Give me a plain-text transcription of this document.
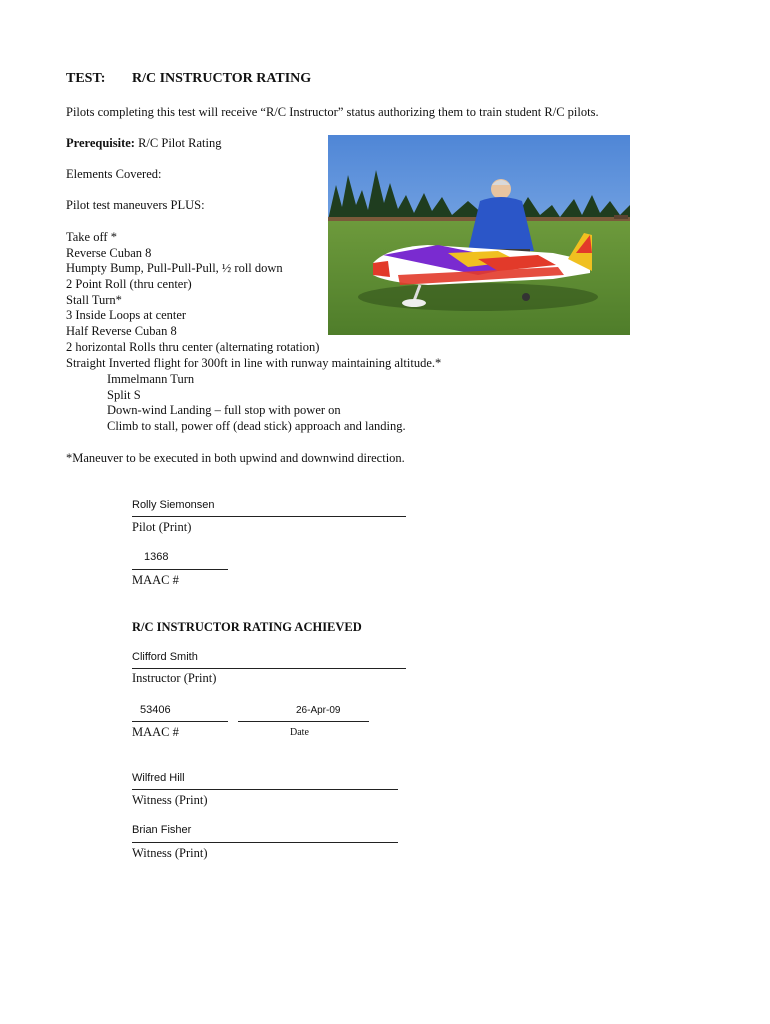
TEST: R/C INSTRUCTOR RATING
Pilots completing this test will receive “R/C Instructor” status authorizing them to train student R/C pilots.
Prerequisite: R/C Pilot Rating
Elements Covered:
Pilot test maneuvers PLUS:
Take off *
Reverse Cuban 8
Humpty Bump, Pull-Pull-Pull, ½ roll down
2 Point Roll (thru center)
Stall Turn*
3 Inside Loops at center
Half Reverse Cuban 8
2 horizontal Rolls thru center (alternating rotation)
Straight Inverted flight for 300ft in line with runway maintaining altitude.*
Immelmann Turn
Split S
Down-wind Landing – full stop with power on
Climb to stall, power off (dead stick) approach and landing.
*Maneuver to be executed in both upwind and downwind direction.
Rolly Siemonsen
Pilot (Print)
1368
MAAC #
R/C INSTRUCTOR RATING ACHIEVED
Clifford Smith
Instructor (Print)
53406
MAAC #
26-Apr-09
Date
Wilfred Hill
Witness (Print)
Brian Fisher
Witness (Print)
